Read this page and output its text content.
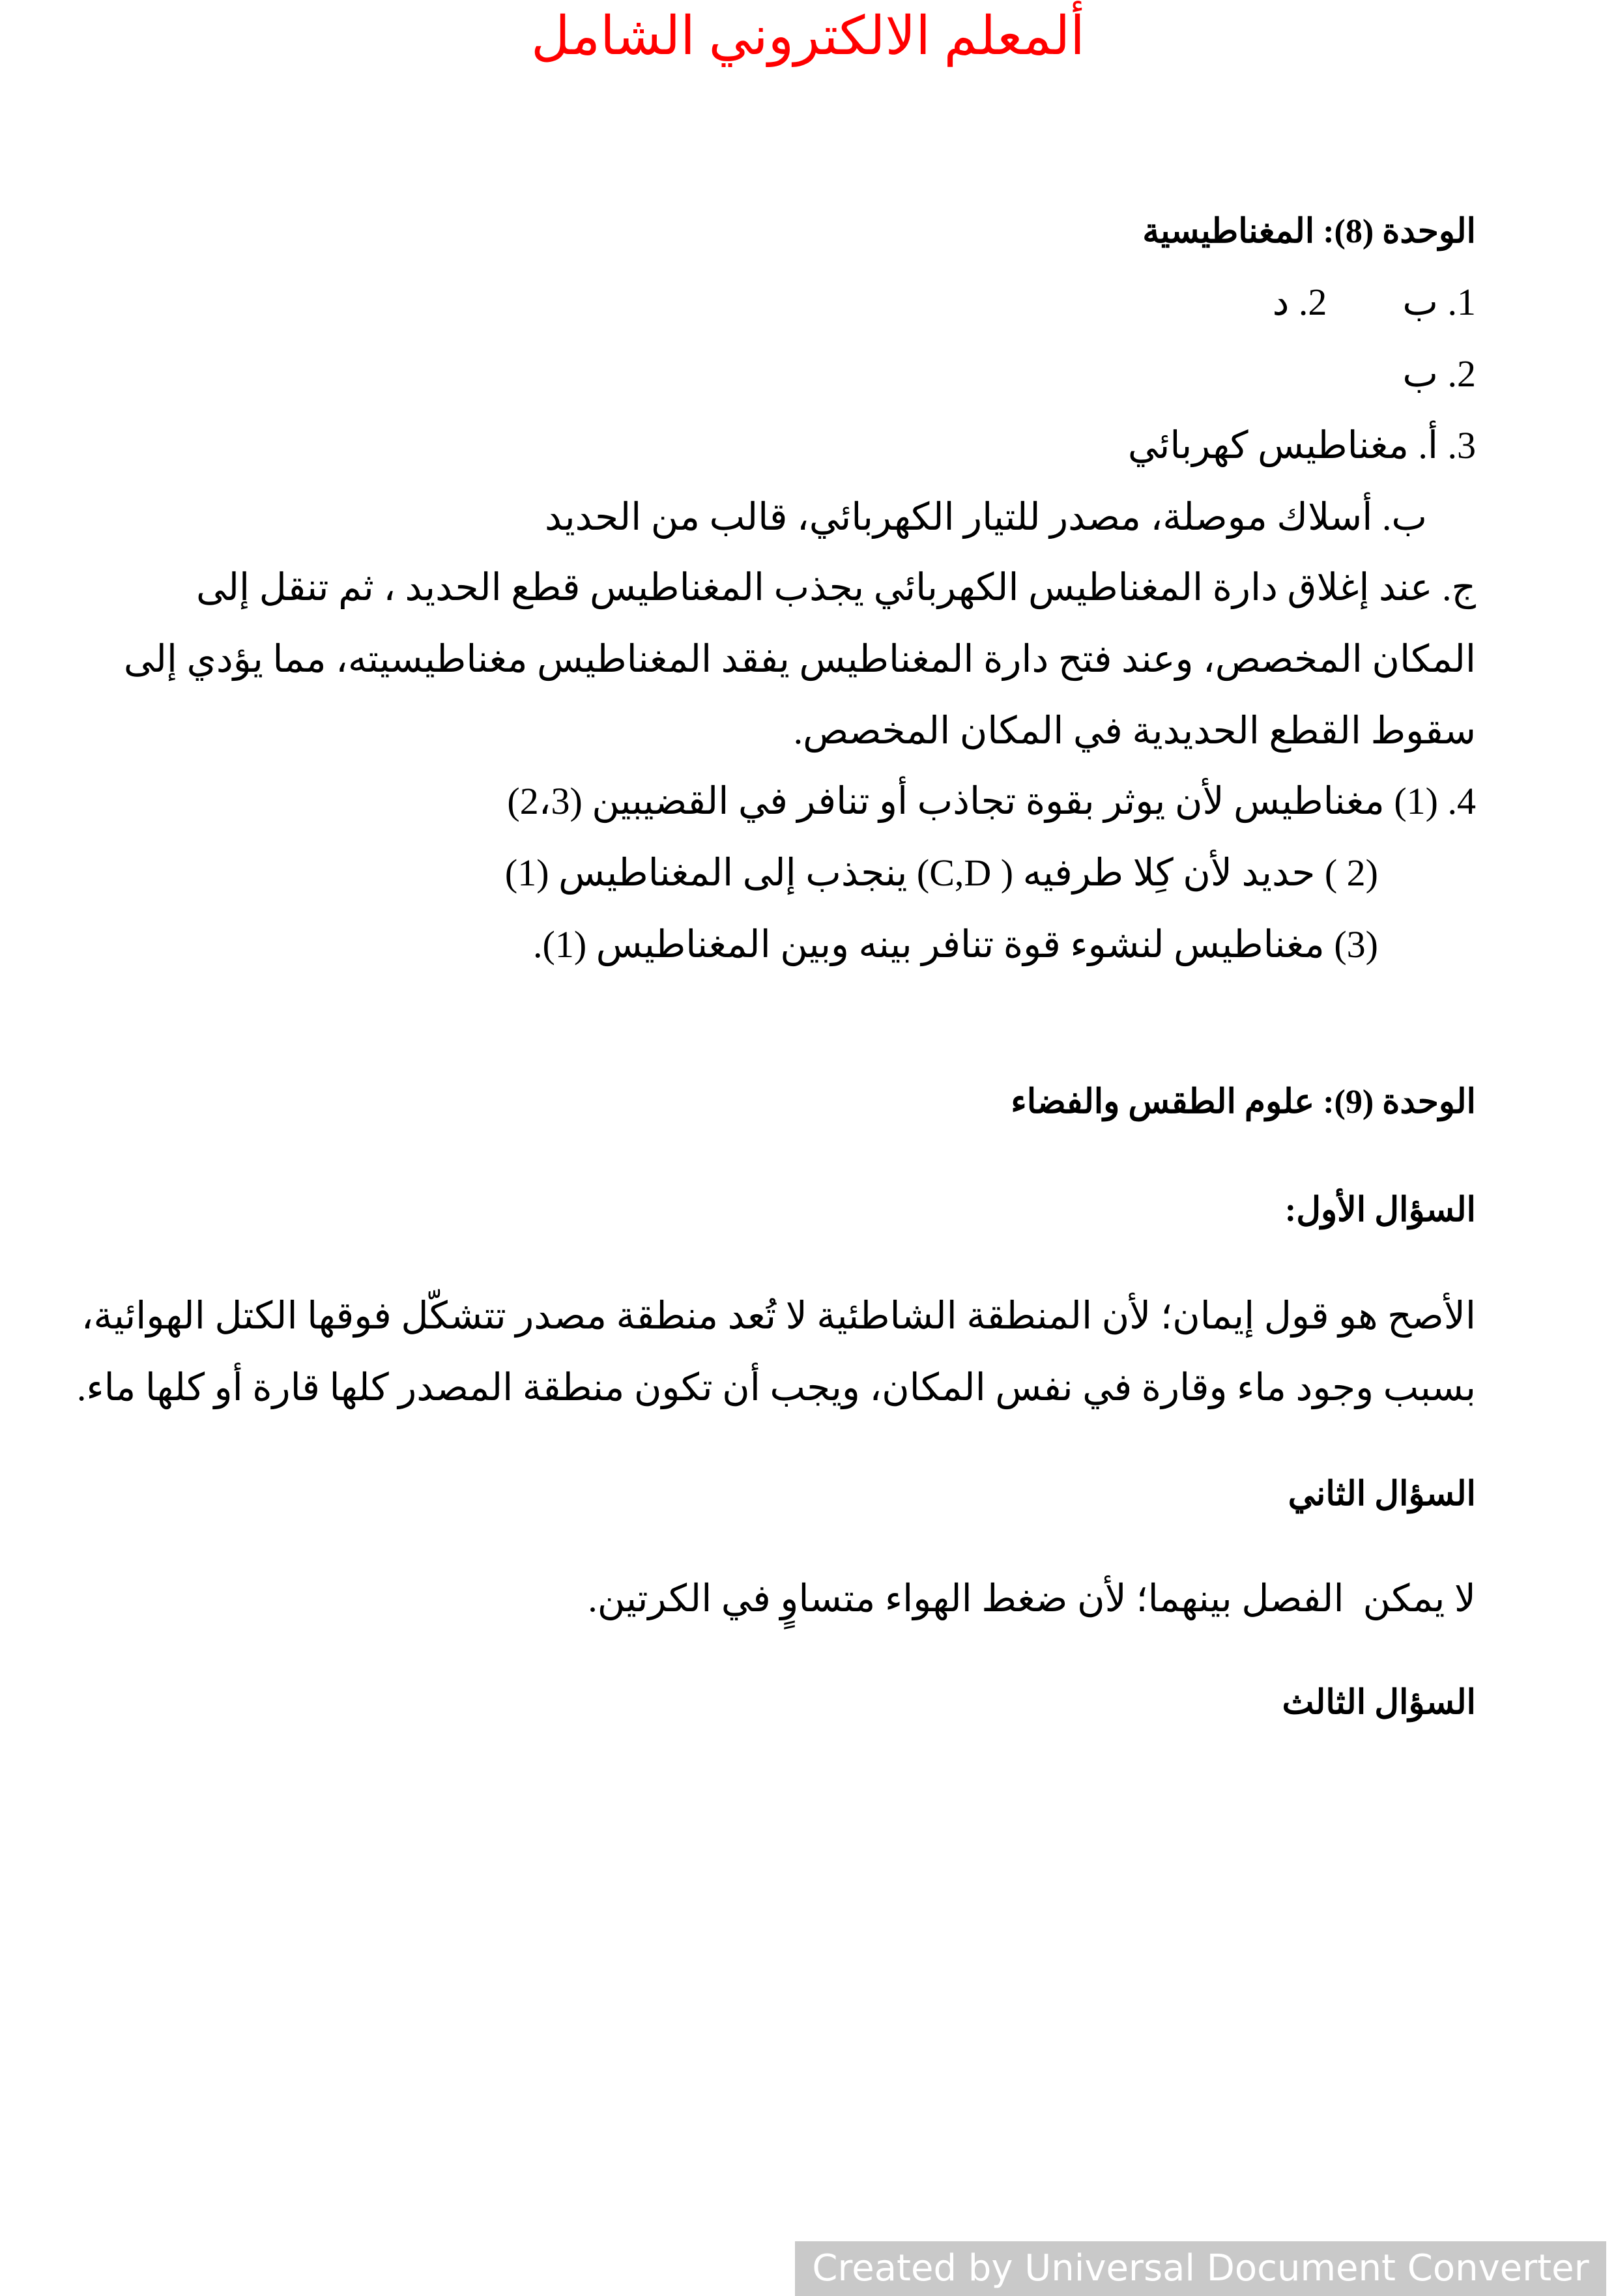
ألمعلم الالكتروني الشامل
الوحدة (8): المغناطيسية
1. ب        2. د
2. ب
3. أ. مغناطيس كهربائي
ب. أسلاك موصلة، مصدر للتيار الكهربائي، قالب من الحديد
ج. عند إغلاق دارة المغناطيس الكهربائي يجذب المغناطيس قطع الحديد ، ثم تنقل إلى
المكان المخصص، وعند فتح دارة المغناطيس يفقد المغناطيس مغناطيسيته، مما يؤدي إلى
سقوط القطع الحديدية في المكان المخصص.
4. (1) مغناطيس لأن يوثر بقوة تجاذب أو تنافر في القضيبين (2،3)
(2 ) حديد لأن كِلا طرفيه ( C,D) ينجذب إلى المغناطيس (1)
(3) مغناطيس لنشوء قوة تنافر بينه وبين المغناطيس (1).
الوحدة (9): علوم الطقس والفضاء
السؤال الأول:
الأصح هو قول إيمان؛ لأن المنطقة الشاطئية لا تُعد منطقة مصدر تتشكّل فوقها الكتل الهوائية،
بسبب وجود ماء وقارة في نفس المكان، ويجب أن تكون منطقة المصدر كلها قارة أو كلها ماء.
السؤال الثاني
لا يمكن  الفصل بينهما؛ لأن ضغط الهواء متساوٍ في الكرتين.
السؤال الثالث
Created by Universal Document Converter
